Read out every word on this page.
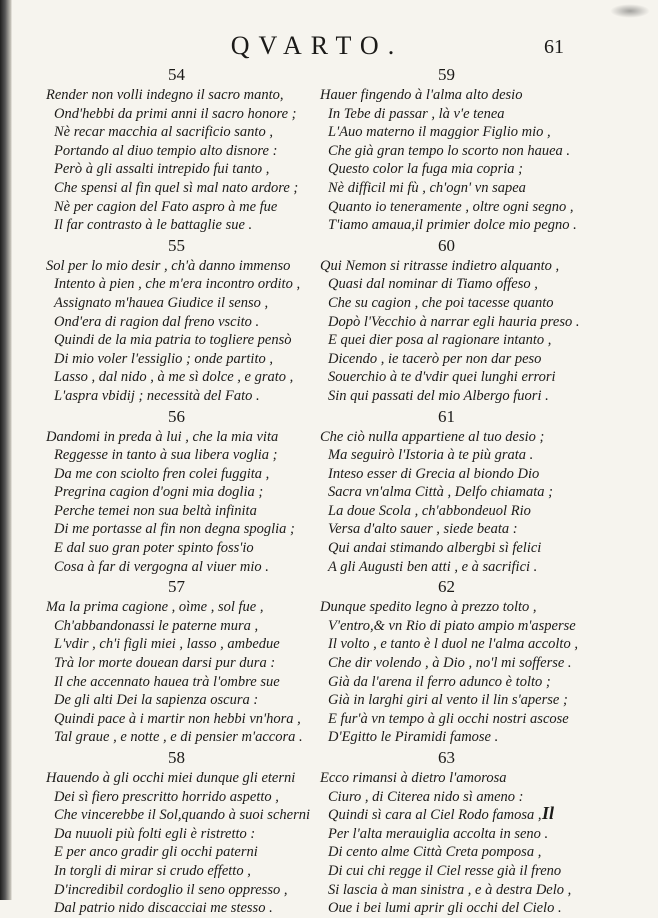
QVARTO.	61
54
Render non volli indegno il sacro manto,
Ond'hebbi da primi anni il sacro honore ;
Nè recar macchia al sacrificio santo ,
Portando al diuo tempio alto disnore :
Però à gli assalti intrepido fui tanto ,
Che spensi al fin quel sì mal nato ardore ;
Nè per cagion del Fato aspro à me fue
Il far contrasto à le battaglie sue .
55
Sol per lo mio desir , ch'à danno immenso
Intento à pien , che m'era incontro ordito ,
Assignato m'hauea Giudice il senso ,
Ond'era di ragion dal freno vscito .
Quindi de la mia patria to togliere pensò
Di mio voler l'essiglio ; onde partito ,
Lasso , dal nido , à me sì dolce , e grato ,
L'aspra vbidij ; necessità del Fato .
56
Dandomi in preda à lui , che la mia vita
Reggesse in tanto à sua libera voglia ;
Da me con sciolto fren colei fuggita ,
Pregrina cagion d'ogni mia doglia ;
Perche temei non sua beltà infinita
Di me portasse al fin non degna spoglia ;
E dal suo gran poter spinto foss'io
Cosa à far di vergogna al viuer mio .
57
Ma la prima cagione , oìme , sol fue ,
Ch'abbandonassi le paterne mura ,
L'vdir , ch'i figli miei , lasso , ambedue
Trà lor morte douean darsi pur dura :
Il che accennato hauea trà l'ombre sue
De gli alti Dei la sapienza oscura :
Quindi pace à i martir non hebbi vn'hora ,
Tal graue , e notte , e di pensier m'accora .
58
Hauendo à gli occhi miei dunque gli eterni
Dei sì fiero prescritto horrido aspetto ,
Che vincerebbe il Sol,quando à suoi scherni
Da nuuoli più folti egli è ristretto :
E per anco gradir gli occhi paterni
In torgli di mirar si crudo effetto ,
D'incredibil cordoglio il seno oppresso ,
Dal patrio nido discacciai me stesso .
59
Hauer fingendo à l'alma alto desio
In Tebe di passar , là v'e tenea
L'Auo materno il maggior Figlio mio ,
Che già gran tempo lo scorto non hauea .
Questo color la fuga mia copria ;
Nè difficil mi fù , ch'ogn' vn sapea
Quanto io teneramente , oltre ogni segno ,
T'iamo amaua,il primier dolce mio pegno .
60
Qui Nemon si ritrasse indietro alquanto ,
Quasi dal nominar di Tiamo offeso ,
Che su cagion , che poi tacesse quanto
Dopò l'Vecchio à narrar egli hauria preso .
E quei dier posa al ragionare intanto ,
Dicendo , ie tacerò per non dar peso
Souerchio à te d'vdir quei lunghi errori
Sin qui passati del mio Albergo fuori .
61
Che ciò nulla appartiene al tuo desio ;
Ma seguirò l'Istoria à te più grata .
Inteso esser di Grecia al biondo Dio
Sacra vn'alma Città , Delfo chiamata ;
La doue Scola , ch'abbondeuol Rio
Versa d'alto sauer , siede beata :
Qui andai stimando albergbi sì felici
A gli Augusti ben atti , e à sacrifici .
62
Dunque spedito legno à prezzo tolto ,
V'entro,& vn Rio di piato ampio m'asperse
Il volto , e tanto è l duol ne l'alma accolto ,
Che dir volendo , à Dio , no'l mi sofferse .
Già da l'arena il ferro adunco è tolto ;
Già in larghi giri al vento il lin s'aperse ;
E fur'à vn tempo à gli occhi nostri ascose
D'Egitto le Piramidi famose .
63
Ecco rimansi à dietro l'amorosa
Ciuro , di Citerea nido sì ameno :
Quindi sì cara al Ciel Rodo famosa ,
Per l'alta merauiglia accolta in seno .
Di cento alme Città Creta pomposa ,
Di cui chi regge il Ciel resse già il freno
Si lascia à man sinistra , e à destra Delo ,
Oue i bei lumi aprir gli occhi del Cielo .
Il
